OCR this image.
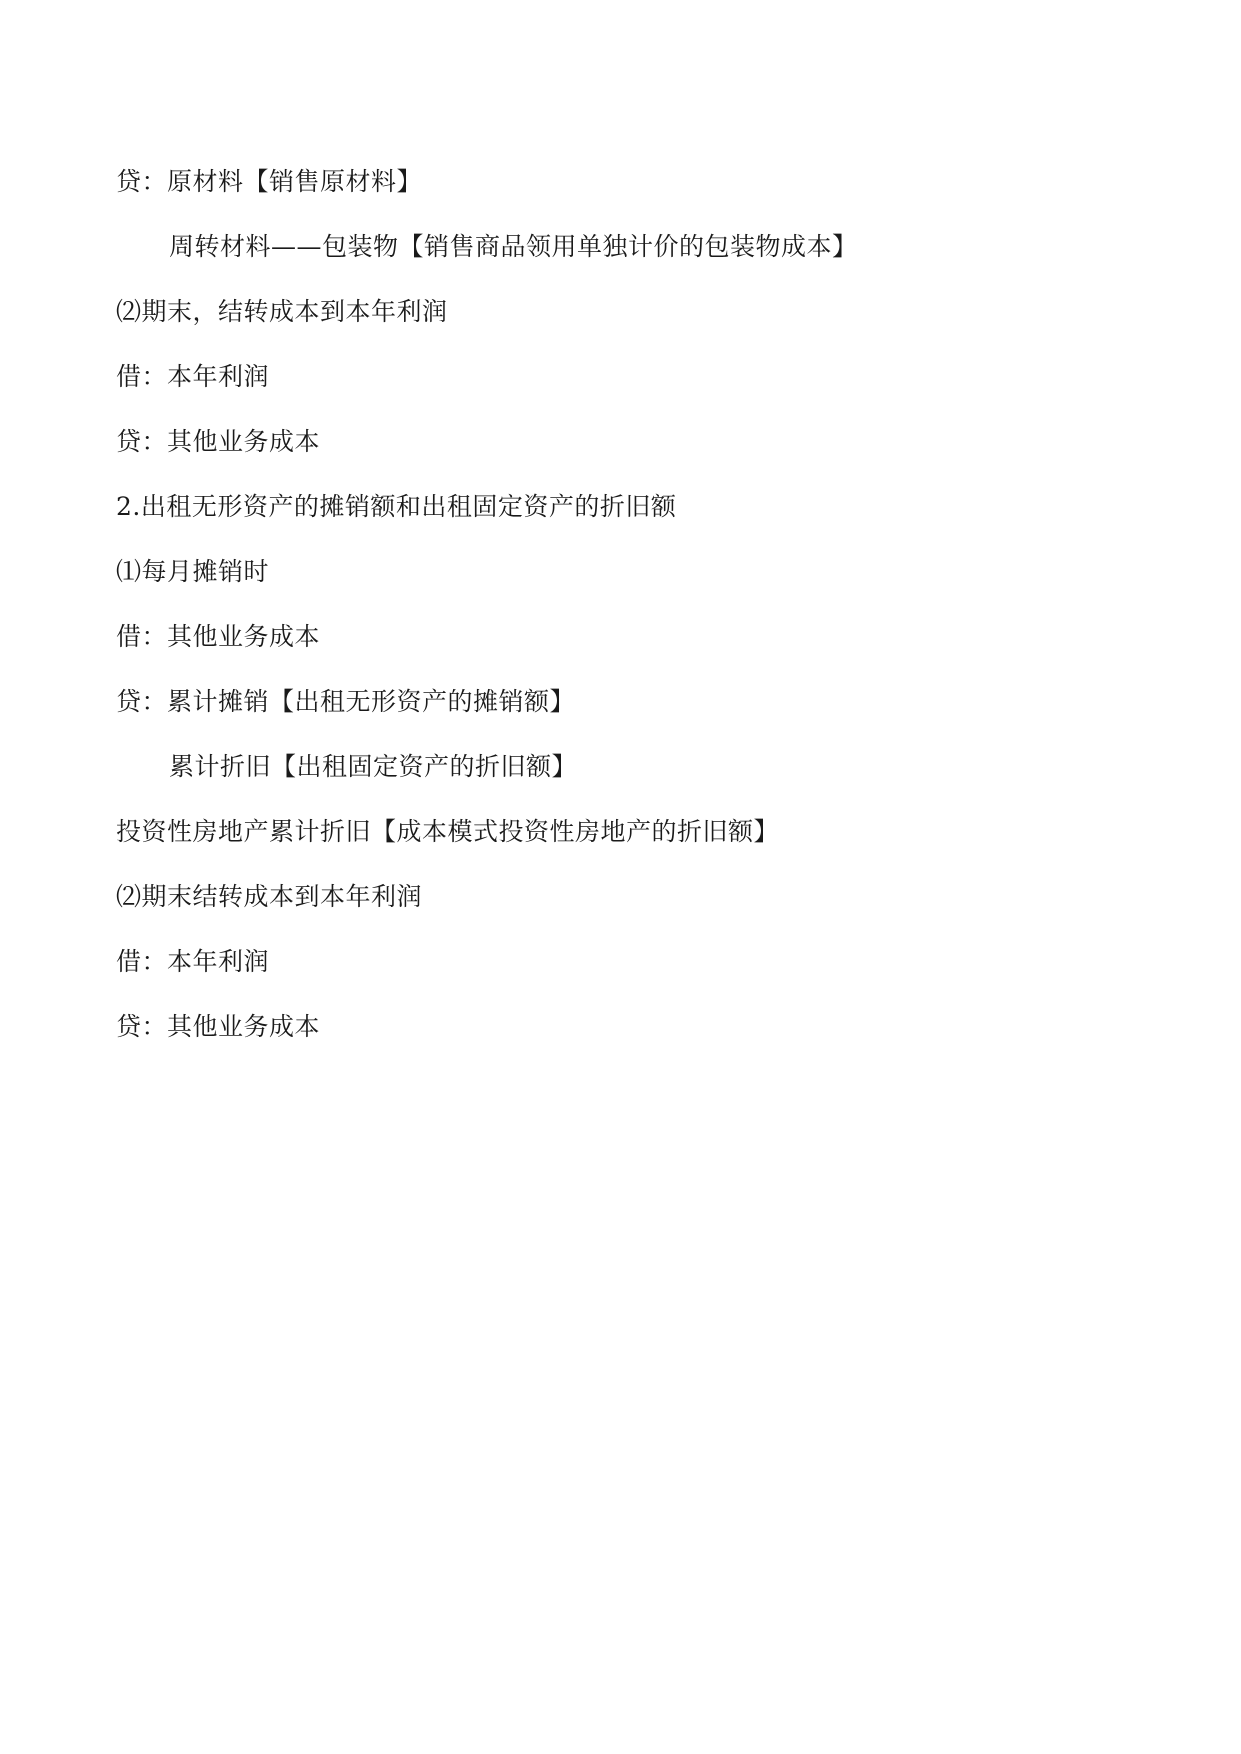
贷：原材料【销售原材料】
周转材料——包装物【销售商品领用单独计价的包装物成本】
⑵期末，结转成本到本年利润
借：本年利润
贷：其他业务成本
2.出租无形资产的摊销额和出租固定资产的折旧额
⑴每月摊销时
借：其他业务成本
贷：累计摊销【出租无形资产的摊销额】
累计折旧【出租固定资产的折旧额】
投资性房地产累计折旧【成本模式投资性房地产的折旧额】
⑵期末结转成本到本年利润
借：本年利润
贷：其他业务成本
